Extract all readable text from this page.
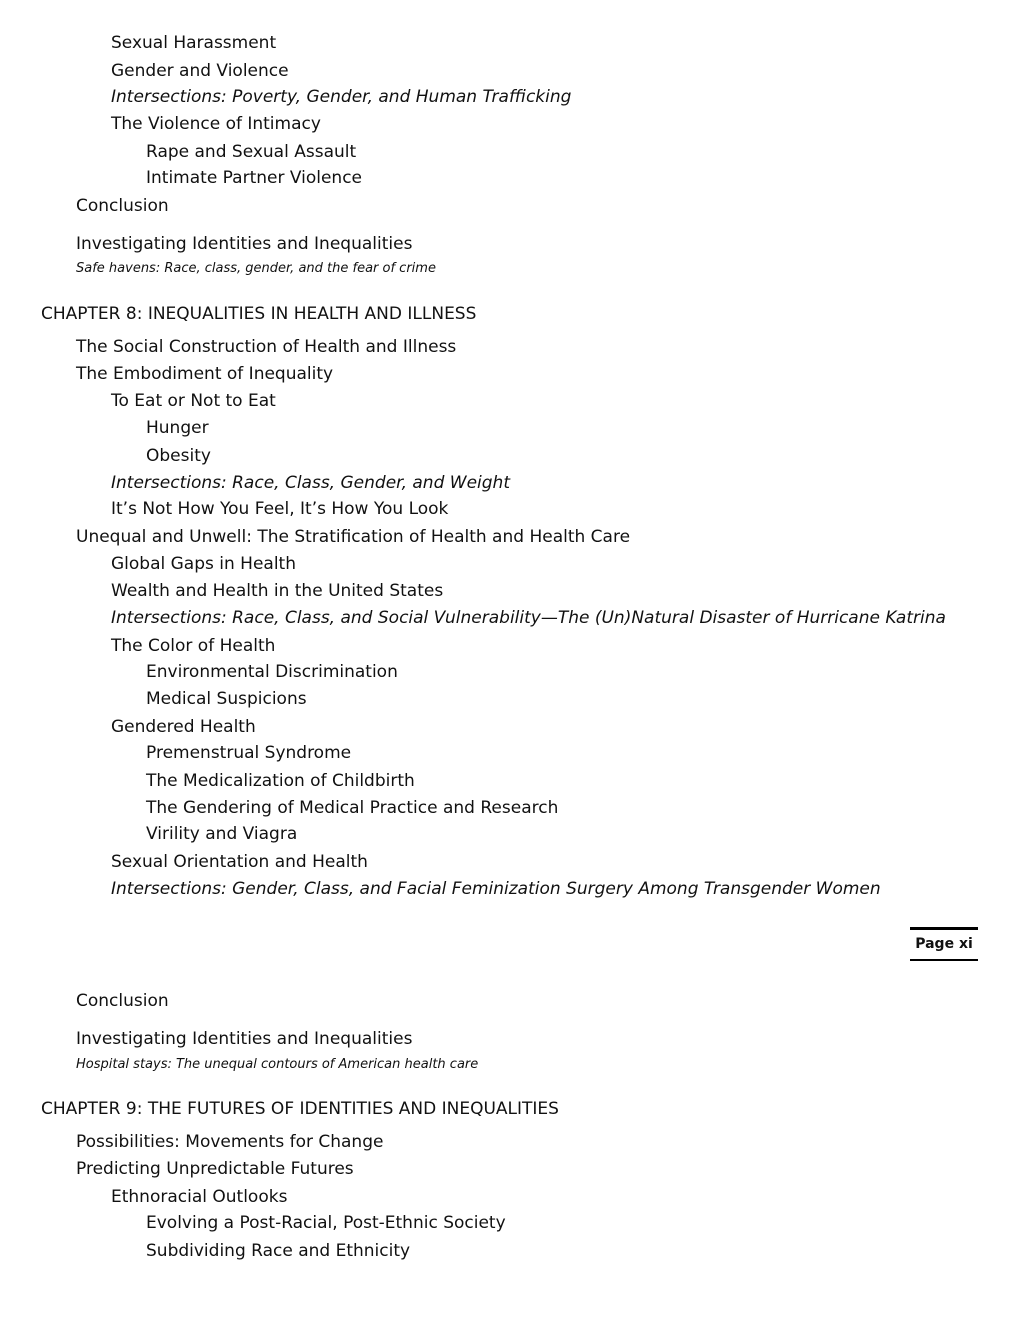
Sexual Harassment
Gender and Violence
Intersections: Poverty, Gender, and Human Trafficking
The Violence of Intimacy
Rape and Sexual Assault
Intimate Partner Violence
Conclusion
Investigating Identities and Inequalities
Safe havens: Race, class, gender, and the fear of crime
CHAPTER 8: INEQUALITIES IN HEALTH AND ILLNESS
The Social Construction of Health and Illness
The Embodiment of Inequality
To Eat or Not to Eat
Hunger
Obesity
Intersections: Race, Class, Gender, and Weight
It’s Not How You Feel, It’s How You Look
Unequal and Unwell: The Stratification of Health and Health Care
Global Gaps in Health
Wealth and Health in the United States
Intersections: Race, Class, and Social Vulnerability—The (Un)Natural Disaster of Hurricane Katrina
The Color of Health
Environmental Discrimination
Medical Suspicions
Gendered Health
Premenstrual Syndrome
The Medicalization of Childbirth
The Gendering of Medical Practice and Research
Virility and Viagra
Sexual Orientation and Health
Intersections: Gender, Class, and Facial Feminization Surgery Among Transgender Women
Page xi
Conclusion
Investigating Identities and Inequalities
Hospital stays: The unequal contours of American health care
CHAPTER 9: THE FUTURES OF IDENTITIES AND INEQUALITIES
Possibilities: Movements for Change
Predicting Unpredictable Futures
Ethnoracial Outlooks
Evolving a Post-Racial, Post-Ethnic Society
Subdividing Race and Ethnicity
